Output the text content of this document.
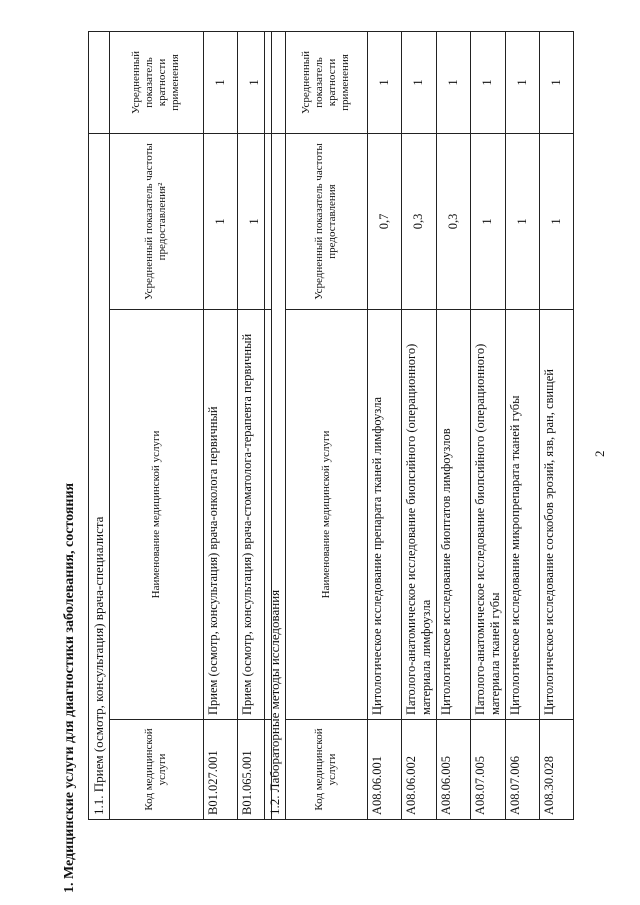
2
1. Медицинские услуги для диагностики заболевания, состояния 1.1. Прием (осмотр, консультация) врача-специалиста			
Код медицинской услуги	Наименование медицинской услуги	Усредненный показатель частоты предоставления²	Усредненный показатель кратности применения
B01.027.001	Прием (осмотр, консультация) врача-онколога первичный	1	1
B01.065.001	Прием (осмотр, консультация) врача-стоматолога-терапевта первичный	1	1
1.2. Лабораторные методы исследования			
Код медицинской услуги	Наименование медицинской услуги	Усредненный показатель частоты предоставления	Усредненный показатель кратности применения
A08.06.001	Цитологическое исследование препарата тканей лимфоузла	0,7	1
A08.06.002	Патолого-анатомическое исследование биопсийного (операционного) материала лимфоузла	0,3	1
A08.06.005	Цитологическое исследование биоптатов лимфоузлов	0,3	1
A08.07.005	Патолого-анатомическое исследование биопсийного (операционного) материала тканей губы	1	1
A08.07.006	Цитологическое исследование микропрепарата тканей губы	1	1
A08.30.028	Цитологическое исследование соскобов эрозий, язв, ран, свищей	1	1
